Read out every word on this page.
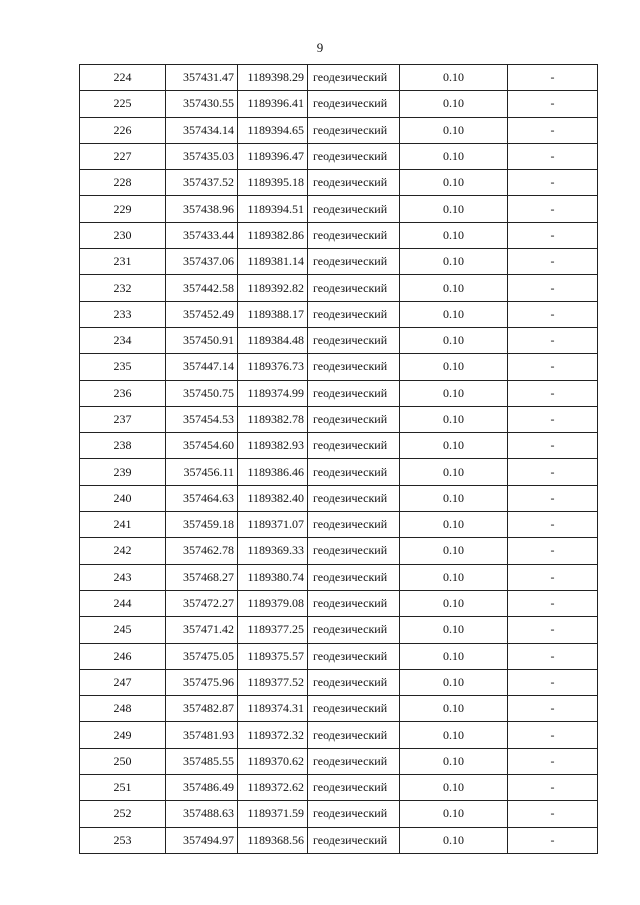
9
224	357431.47	1189398.29	геодезический	0.10	-
225	357430.55	1189396.41	геодезический	0.10	-
226	357434.14	1189394.65	геодезический	0.10	-
227	357435.03	1189396.47	геодезический	0.10	-
228	357437.52	1189395.18	геодезический	0.10	-
229	357438.96	1189394.51	геодезический	0.10	-
230	357433.44	1189382.86	геодезический	0.10	-
231	357437.06	1189381.14	геодезический	0.10	-
232	357442.58	1189392.82	геодезический	0.10	-
233	357452.49	1189388.17	геодезический	0.10	-
234	357450.91	1189384.48	геодезический	0.10	-
235	357447.14	1189376.73	геодезический	0.10	-
236	357450.75	1189374.99	геодезический	0.10	-
237	357454.53	1189382.78	геодезический	0.10	-
238	357454.60	1189382.93	геодезический	0.10	-
239	357456.11	1189386.46	геодезический	0.10	-
240	357464.63	1189382.40	геодезический	0.10	-
241	357459.18	1189371.07	геодезический	0.10	-
242	357462.78	1189369.33	геодезический	0.10	-
243	357468.27	1189380.74	геодезический	0.10	-
244	357472.27	1189379.08	геодезический	0.10	-
245	357471.42	1189377.25	геодезический	0.10	-
246	357475.05	1189375.57	геодезический	0.10	-
247	357475.96	1189377.52	геодезический	0.10	-
248	357482.87	1189374.31	геодезический	0.10	-
249	357481.93	1189372.32	геодезический	0.10	-
250	357485.55	1189370.62	геодезический	0.10	-
251	357486.49	1189372.62	геодезический	0.10	-
252	357488.63	1189371.59	геодезический	0.10	-
253	357494.97	1189368.56	геодезический	0.10	-
